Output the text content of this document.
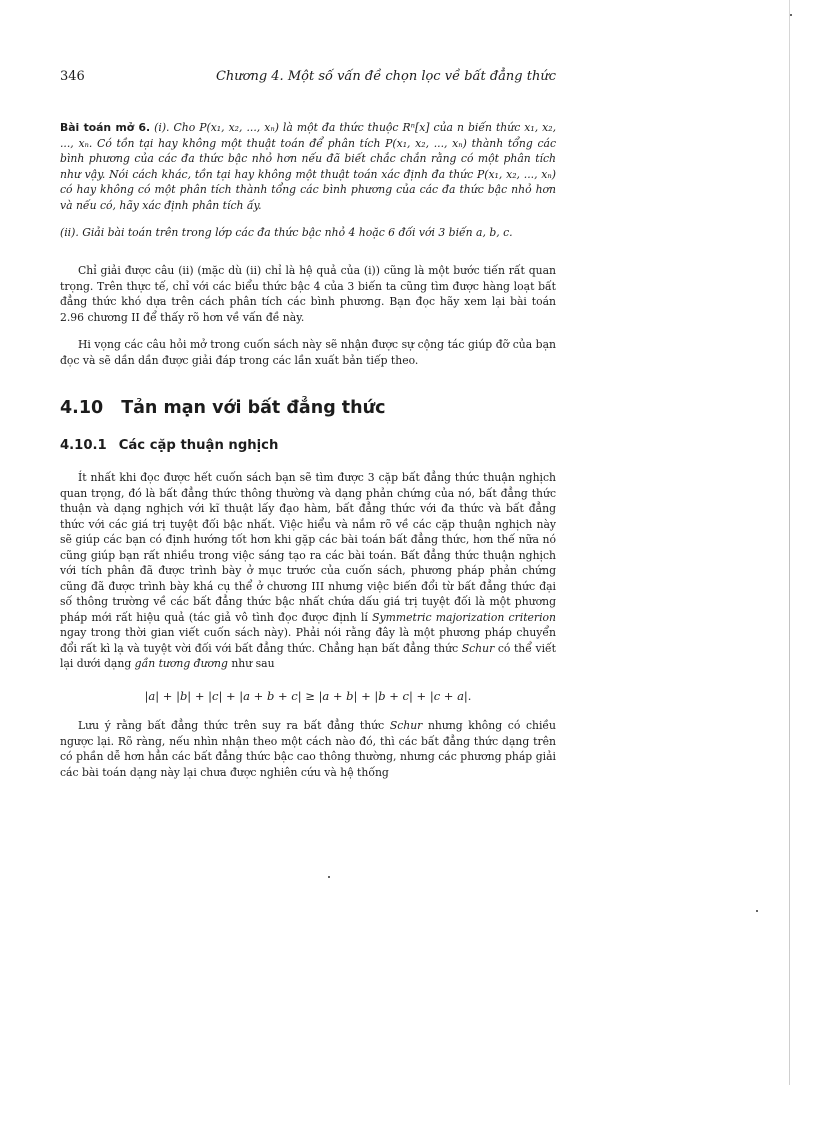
346	Chương 4. Một số vấn đề chọn lọc về bất đẳng thức

Bài toán mở 6. (i). Cho P(x₁, x₂, ..., xₙ) là một đa thức thuộc Rⁿ[x] của n biến thức x₁, x₂, ..., xₙ. Có tồn tại hay không một thuật toán để phân tích P(x₁, x₂, ..., xₙ) thành tổng các bình phương của các đa thức bậc nhỏ hơn nếu đã biết chắc chắn rằng có một phân tích như vậy. Nói cách khác, tồn tại hay không một thuật toán xác định đa thức P(x₁, x₂, ..., xₙ) có hay không có một phân tích thành tổng các bình phương của các đa thức bậc nhỏ hơn và nếu có, hãy xác định phân tích ấy.

(ii). Giải bài toán trên trong lớp các đa thức bậc nhỏ 4 hoặc 6 đối với 3 biến a, b, c.

Chỉ giải được câu (ii) (mặc dù (ii) chỉ là hệ quả của (i)) cũng là một bước tiến rất quan trọng. Trên thực tế, chỉ với các biểu thức bậc 4 của 3 biến ta cũng tìm được hàng loạt bất đẳng thức khó dựa trên cách phân tích các bình phương. Bạn đọc hãy xem lại bài toán 2.96 chương II để thấy rõ hơn về vấn đề này.

Hi vọng các câu hỏi mở trong cuốn sách này sẽ nhận được sự cộng tác giúp đỡ của bạn đọc và sẽ dần dần được giải đáp trong các lần xuất bản tiếp theo.

4.10 Tản mạn với bất đẳng thức
4.10.1 Các cặp thuận nghịch

Ít nhất khi đọc được hết cuốn sách bạn sẽ tìm được 3 cặp bất đẳng thức thuận nghịch quan trọng, đó là bất đẳng thức thông thường và dạng phản chứng của nó, bất đẳng thức thuận và dạng nghịch với kĩ thuật lấy đạo hàm, bất đẳng thức với đa thức và bất đẳng thức với các giá trị tuyệt đối bậc nhất. Việc hiểu và nắm rõ về các cặp thuận nghịch này sẽ giúp các bạn có định hướng tốt hơn khi gặp các bài toán bất đẳng thức, hơn thế nữa nó cũng giúp bạn rất nhiều trong việc sáng tạo ra các bài toán. Bất đẳng thức thuận nghịch với tích phân đã được trình bày ở mục trước của cuốn sách, phương pháp phản chứng cũng đã được trình bày khá cụ thể ở chương III nhưng việc biến đổi từ bất đẳng thức đại số thông trường về các bất đẳng thức bậc nhất chứa dấu giá trị tuyệt đối là một phương pháp mới rất hiệu quả (tác giả vô tình đọc được định lí Symmetric majorization criterion ngay trong thời gian viết cuốn sách này). Phải nói rằng đây là một phương pháp chuyển đổi rất kì lạ và tuyệt vời đối với bất đẳng thức. Chẳng hạn bất đẳng thức Schur có thể viết lại dưới dạng gần tương đương như sau

|a| + |b| + |c| + |a + b + c| ≥ |a + b| + |b + c| + |c + a|.

Lưu ý rằng bất đẳng thức trên suy ra bất đẳng thức Schur nhưng không có chiều ngược lại. Rõ ràng, nếu nhìn nhận theo một cách nào đó, thì các bất đẳng thức dạng trên có phần dễ hơn hẳn các bất đẳng thức bậc cao thông thường, nhưng các phương pháp giải các bài toán dạng này lại chưa được nghiên cứu và hệ thống
